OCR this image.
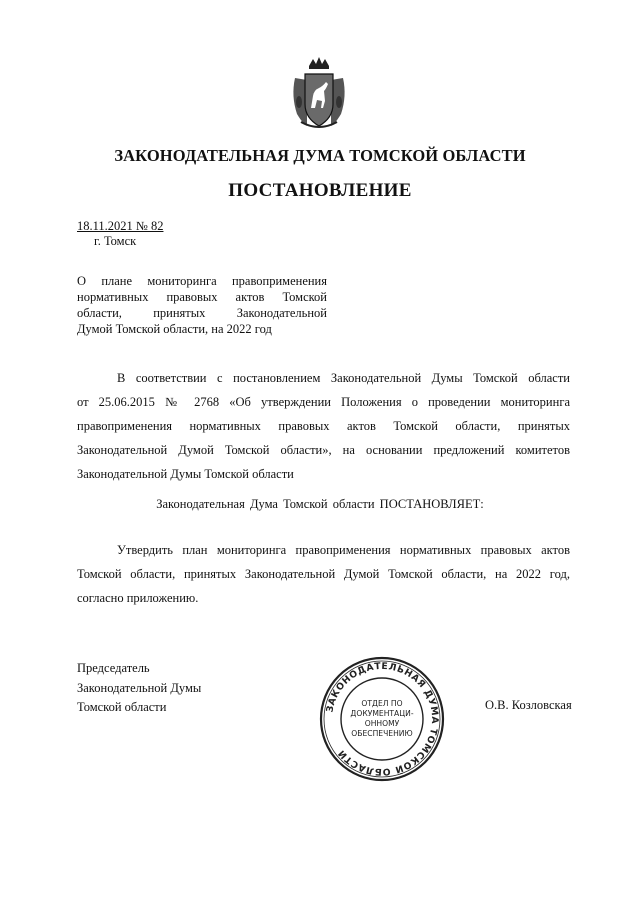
ЗАКОНОДАТЕЛЬНАЯ ДУМА ТОМСКОЙ ОБЛАСТИ
ПОСТАНОВЛЕНИЕ
18.11.2021 № 82
г. Томск
О плане мониторинга правоприменения
нормативных правовых актов Томской
области, принятых Законодательной
Думой Томской области, на 2022 год
В соответствии с постановлением Законодательной Думы Томской области
от 25.06.2015 № 2768 «Об утверждении Положения о проведении мониторинга
правоприменения нормативных правовых актов Томской области, принятых
Законодательной Думой Томской области», на основании предложений комитетов
Законодательной Думы Томской области
Законодательная Дума Томской области ПОСТАНОВЛЯЕТ:
Утвердить план мониторинга правоприменения нормативных правовых актов
Томской области, принятых Законодательной Думой Томской области, на 2022 год,
согласно приложению.
Председатель
Законодательной Думы
Томской области	О.В. Козловская
ЗАКОНОДАТЕЛЬНАЯ ДУМА ТОМСКОЙ ОБЛАСТИ
ОТДЕЛ ПО
ДОКУМЕНТАЦИ-
ОННОМУ
ОБЕСПЕЧЕНИЮ
